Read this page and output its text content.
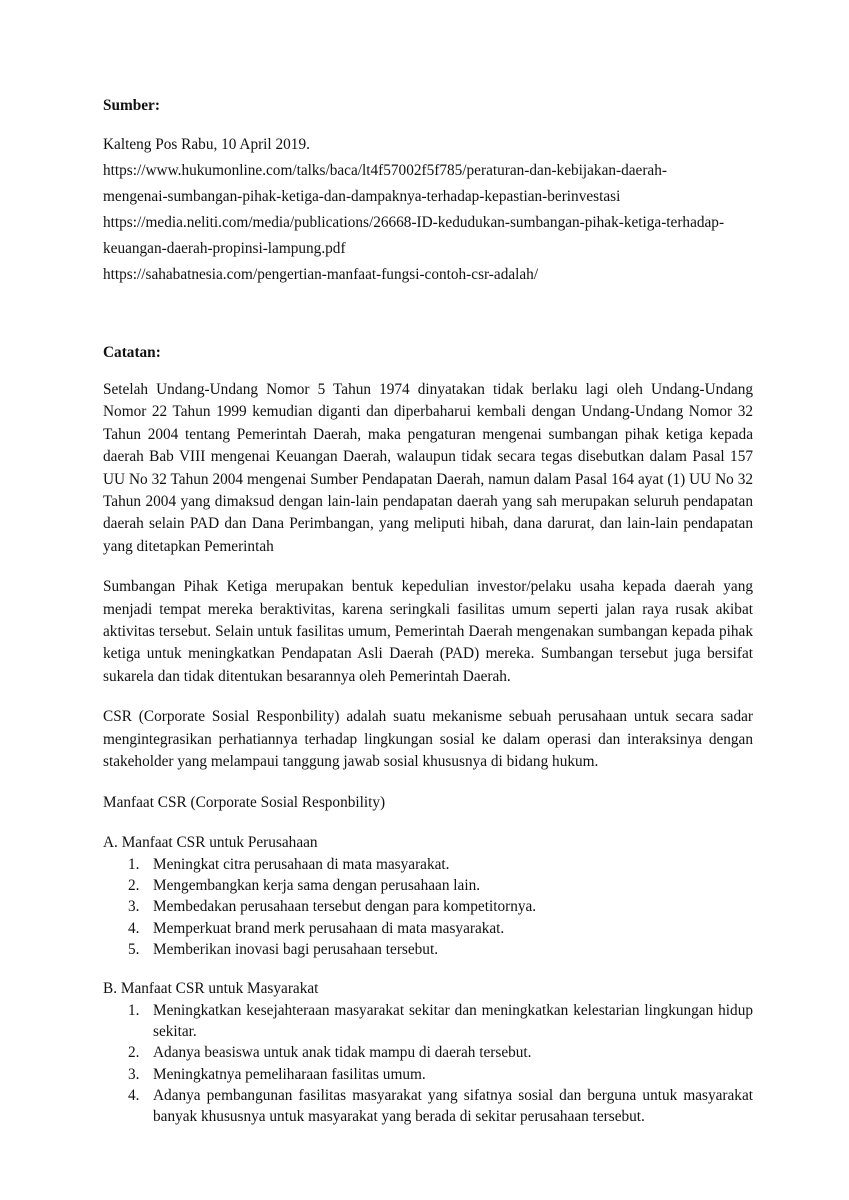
Sumber:

Kalteng Pos Rabu, 10 April 2019.
https://www.hukumonline.com/talks/baca/lt4f57002f5f785/peraturan-dan-kebijakan-daerah-
mengenai-sumbangan-pihak-ketiga-dan-dampaknya-terhadap-kepastian-berinvestasi
https://media.neliti.com/media/publications/26668-ID-kedudukan-sumbangan-pihak-ketiga-terhadap-
keuangan-daerah-propinsi-lampung.pdf
https://sahabatnesia.com/pengertian-manfaat-fungsi-contoh-csr-adalah/

Catatan:

Setelah Undang-Undang Nomor 5 Tahun 1974 dinyatakan tidak berlaku lagi oleh Undang-Undang Nomor 22 Tahun 1999 kemudian diganti dan diperbaharui kembali dengan Undang-Undang Nomor 32 Tahun 2004 tentang Pemerintah Daerah, maka pengaturan mengenai sumbangan pihak ketiga kepada daerah Bab VIII mengenai Keuangan Daerah, walaupun tidak secara tegas disebutkan dalam Pasal 157 UU No 32 Tahun 2004 mengenai Sumber Pendapatan Daerah, namun dalam Pasal 164 ayat (1) UU No 32 Tahun 2004 yang dimaksud dengan lain-lain pendapatan daerah yang sah merupakan seluruh pendapatan daerah selain PAD dan Dana Perimbangan, yang meliputi hibah, dana darurat, dan lain-lain pendapatan yang ditetapkan Pemerintah

Sumbangan Pihak Ketiga merupakan bentuk kepedulian investor/pelaku usaha kepada daerah yang menjadi tempat mereka beraktivitas, karena seringkali fasilitas umum seperti jalan raya rusak akibat aktivitas tersebut. Selain untuk fasilitas umum, Pemerintah Daerah mengenakan sumbangan kepada pihak ketiga untuk meningkatkan Pendapatan Asli Daerah (PAD) mereka. Sumbangan tersebut juga bersifat sukarela dan tidak ditentukan besarannya oleh Pemerintah Daerah.

CSR (Corporate Sosial Responbility) adalah suatu mekanisme sebuah perusahaan untuk secara sadar mengintegrasikan perhatiannya terhadap lingkungan sosial ke dalam operasi dan interaksinya dengan stakeholder yang melampaui tanggung jawab sosial khususnya di bidang hukum.

Manfaat CSR (Corporate Sosial Responbility)

A. Manfaat CSR untuk Perusahaan

1. Meningkat citra perusahaan di mata masyarakat.
2. Mengembangkan kerja sama dengan perusahaan lain.
3. Membedakan perusahaan tersebut dengan para kompetitornya.
4. Memperkuat brand merk perusahaan di mata masyarakat.
5. Memberikan inovasi bagi perusahaan tersebut.

B. Manfaat CSR untuk Masyarakat

1. Meningkatkan kesejahteraan masyarakat sekitar dan meningkatkan kelestarian lingkungan hidup sekitar.
2. Adanya beasiswa untuk anak tidak mampu di daerah tersebut.
3. Meningkatnya pemeliharaan fasilitas umum.
4. Adanya pembangunan fasilitas masyarakat yang sifatnya sosial dan berguna untuk masyarakat banyak khususnya untuk masyarakat yang berada di sekitar perusahaan tersebut.
